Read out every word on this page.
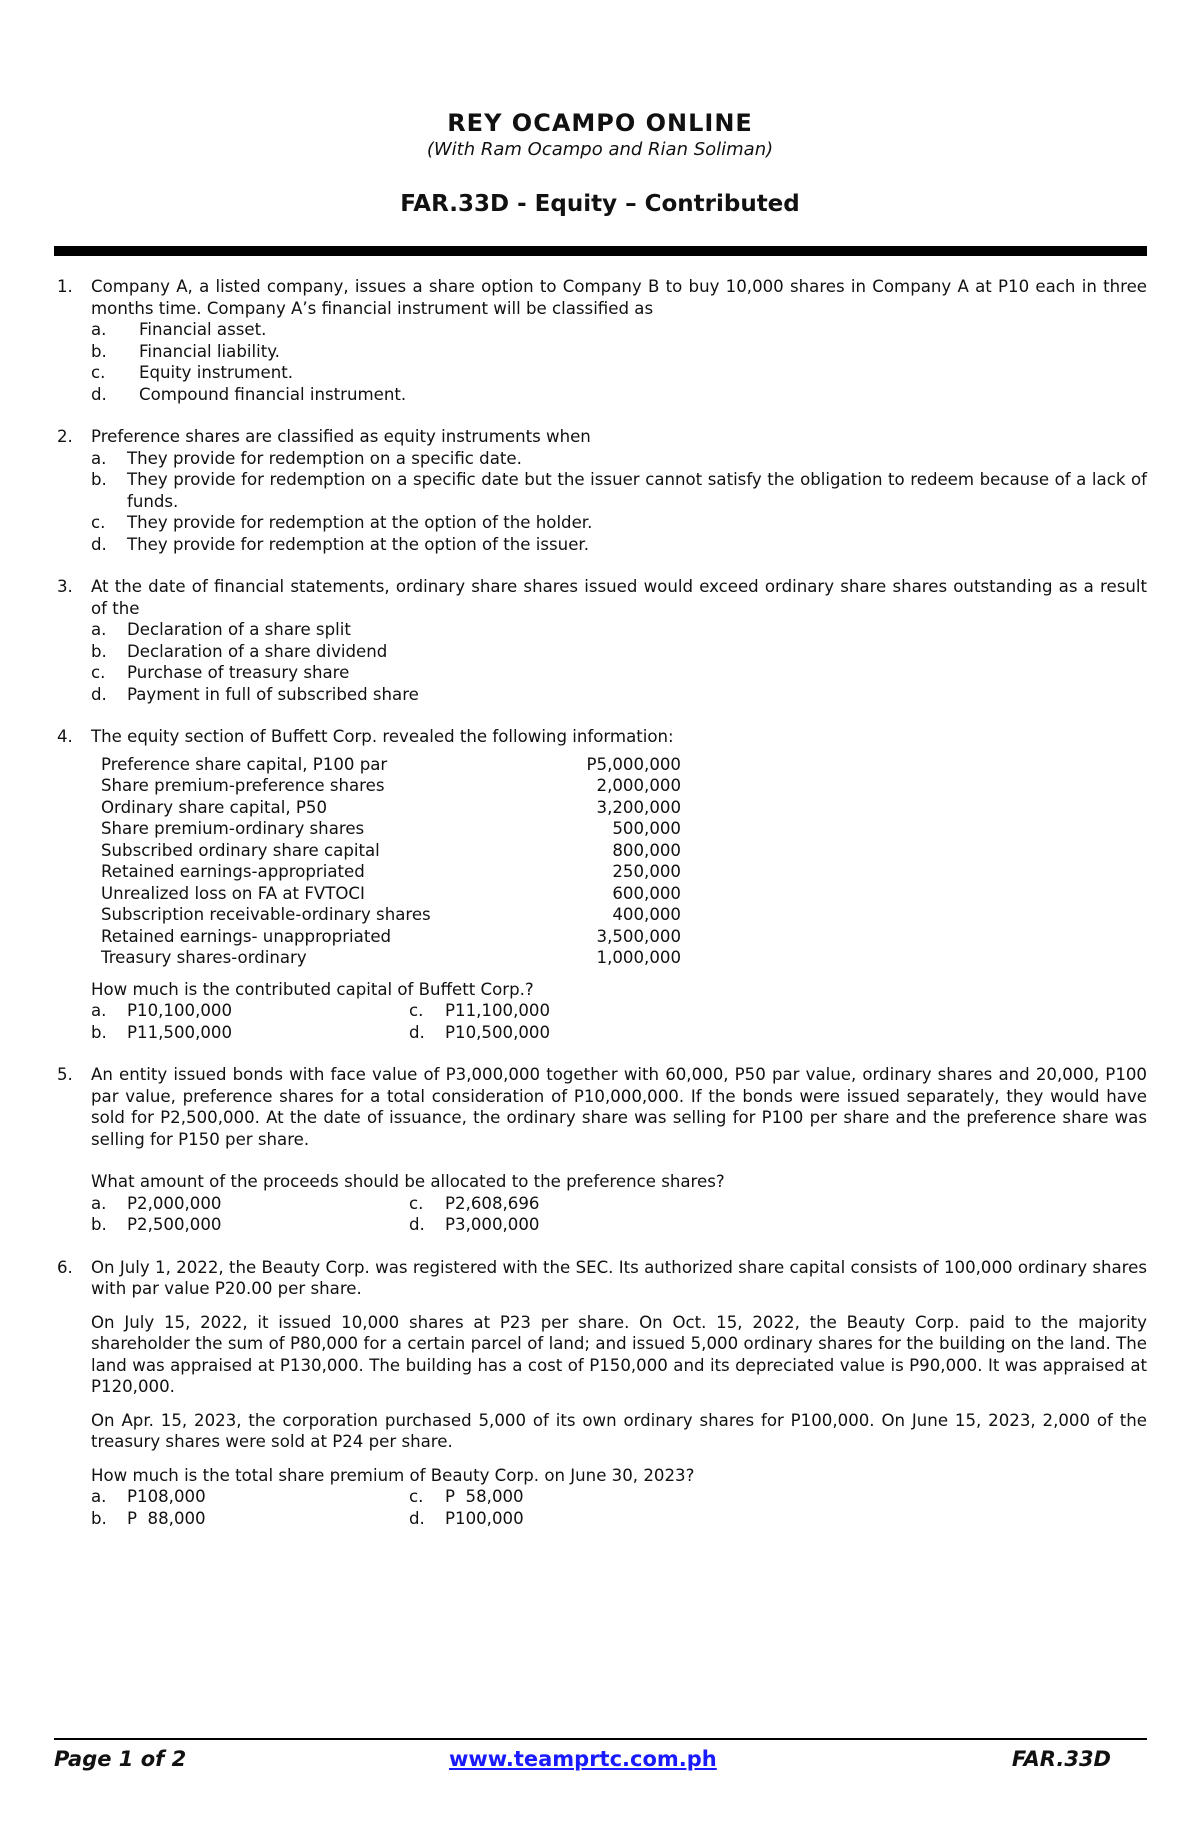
REY OCAMPO ONLINE
(With Ram Ocampo and Rian Soliman)
FAR.33D - Equity – Contributed
1. Company A, a listed company, issues a share option to Company B to buy 10,000 shares in Company A at P10 each in three months time. Company A’s financial instrument will be classified as

a. Financial asset.
b. Financial liability.
c. Equity instrument.
d. Compound financial instrument.
2. Preference shares are classified as equity instruments when

a. They provide for redemption on a specific date.
b. They provide for redemption on a specific date but the issuer cannot satisfy the obligation to redeem because of a lack of funds.
c. They provide for redemption at the option of the holder.
d. They provide for redemption at the option of the issuer.
3. At the date of financial statements, ordinary share shares issued would exceed ordinary share shares outstanding as a result of the

a. Declaration of a share split
b. Declaration of a share dividend
c. Purchase of treasury share
d. Payment in full of subscribed share
4. The equity section of Buffett Corp. revealed the following information:

Preference share capital, P100 par	P5,000,000
Share premium-preference shares	2,000,000
Ordinary share capital, P50	3,200,000
Share premium-ordinary shares	500,000
Subscribed ordinary share capital	800,000
Retained earnings-appropriated	250,000
Unrealized loss on FA at FVTOCI	600,000
Subscription receivable-ordinary shares	400,000
Retained earnings- unappropriated	3,500,000
Treasury shares-ordinary	1,000,000

How much is the contributed capital of Buffett Corp.?

a. P10,100,000	c. P11,100,000
b. P11,500,000	d. P10,500,000
5. An entity issued bonds with face value of P3,000,000 together with 60,000, P50 par value, ordinary shares and 20,000, P100 par value, preference shares for a total consideration of P10,000,000. If the bonds were issued separately, they would have sold for P2,500,000. At the date of issuance, the ordinary share was selling for P100 per share and the preference share was selling for P150 per share.

What amount of the proceeds should be allocated to the preference shares?

a. P2,000,000	c. P2,608,696
b. P2,500,000	d. P3,000,000
6. On July 1, 2022, the Beauty Corp. was registered with the SEC. Its authorized share capital consists of 100,000 ordinary shares with par value P20.00 per share.

On July 15, 2022, it issued 10,000 shares at P23 per share. On Oct. 15, 2022, the Beauty Corp. paid to the majority shareholder the sum of P80,000 for a certain parcel of land; and issued 5,000 ordinary shares for the building on the land. The land was appraised at P130,000. The building has a cost of P150,000 and its depreciated value is P90,000. It was appraised at P120,000.

On Apr. 15, 2023, the corporation purchased 5,000 of its own ordinary shares for P100,000. On June 15, 2023, 2,000 of the treasury shares were sold at P24 per share.

How much is the total share premium of Beauty Corp. on June 30, 2023?

a. P108,000	c. P  58,000
b. P  88,000	d. P100,000
Page 1 of 2	www.teamprtc.com.ph	FAR.33D
